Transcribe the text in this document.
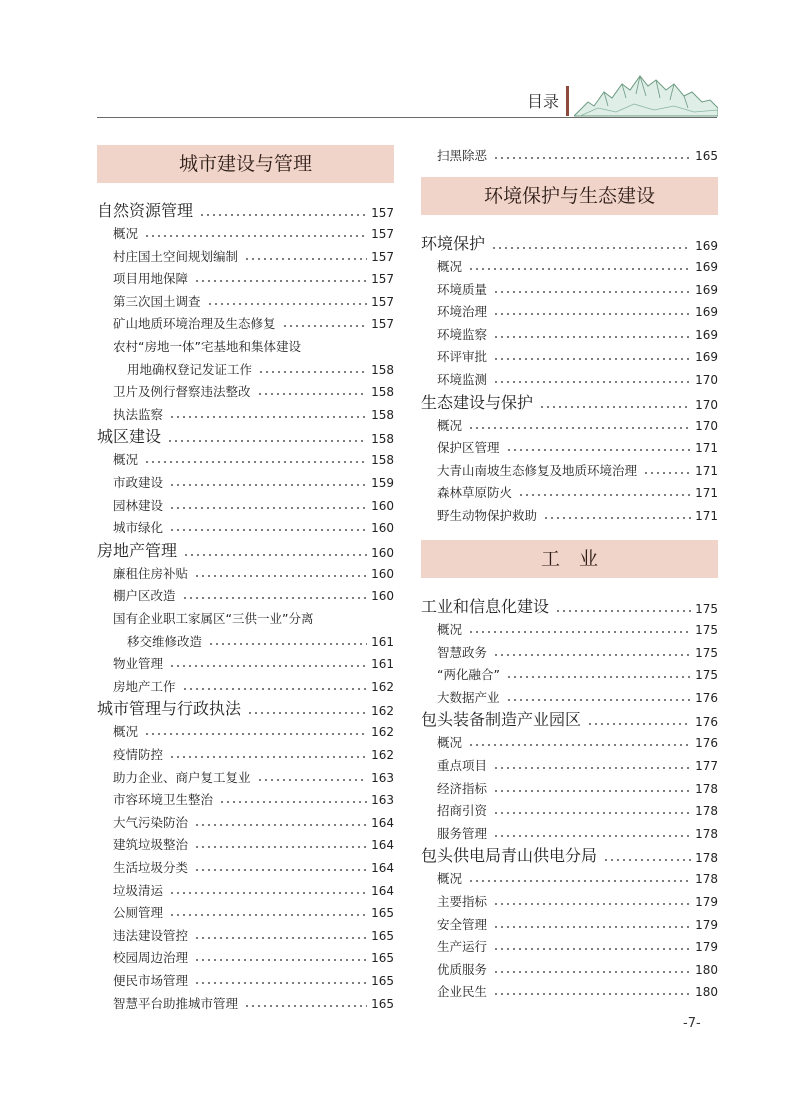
目录
城市建设与管理
自然资源管理	157
概况	157
村庄国土空间规划编制	157
项目用地保障	157
第三次国土调查	157
矿山地质环境治理及生态修复	157
农村“房地一体”宅基地和集体建设
用地确权登记发证工作	158
卫片及例行督察违法整改	158
执法监察	158
城区建设	158
概况	158
市政建设	159
园林建设	160
城市绿化	160
房地产管理	160
廉租住房补贴	160
棚户区改造	160
国有企业职工家属区“三供一业”分离
移交维修改造	161
物业管理	161
房地产工作	162
城市管理与行政执法	162
概况	162
疫情防控	162
助力企业、商户复工复业	163
市容环境卫生整治	163
大气污染防治	164
建筑垃圾整治	164
生活垃圾分类	164
垃圾清运	164
公厕管理	165
违法建设管控	165
校园周边治理	165
便民市场管理	165
智慧平台助推城市管理	165
扫黑除恶	165
环境保护与生态建设
环境保护	169
概况	169
环境质量	169
环境治理	169
环境监察	169
环评审批	169
环境监测	170
生态建设与保护	170
概况	170
保护区管理	171
大青山南坡生态修复及地质环境治理	171
森林草原防火	171
野生动物保护救助	171
工　业
工业和信息化建设	175
概况	175
智慧政务	175
“两化融合”	175
大数据产业	176
包头装备制造产业园区	176
概况	176
重点项目	177
经济指标	178
招商引资	178
服务管理	178
包头供电局青山供电分局	178
概况	178
主要指标	179
安全管理	179
生产运行	179
优质服务	180
企业民生	180
-7-
